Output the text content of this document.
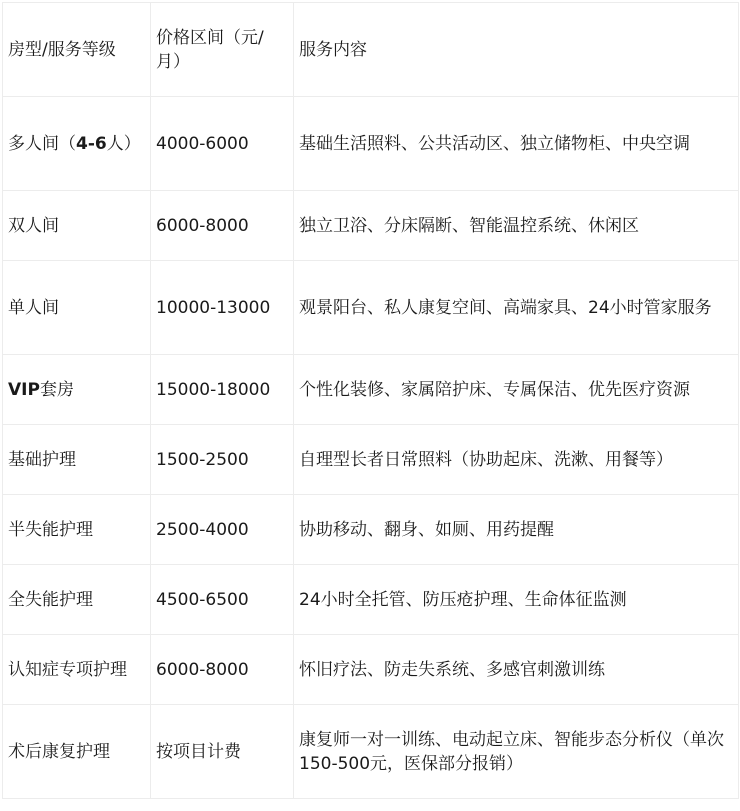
房型/服务等级	价格区间（元/月）	服务内容
多人间（4-6人）	4000-6000	基础生活照料、公共活动区、独立储物柜、中央空调
双人间	6000-8000	独立卫浴、分床隔断、智能温控系统、休闲区
单人间	10000-13000	观景阳台、私人康复空间、高端家具、24小时管家服务
VIP套房	15000-18000	个性化装修、家属陪护床、专属保洁、优先医疗资源
基础护理	1500-2500	自理型长者日常照料（协助起床、洗漱、用餐等）
半失能护理	2500-4000	协助移动、翻身、如厕、用药提醒
全失能护理	4500-6500	24小时全托管、防压疮护理、生命体征监测
认知症专项护理	6000-8000	怀旧疗法、防走失系统、多感官刺激训练
术后康复护理	按项目计费	康复师一对一训练、电动起立床、智能步态分析仪（单次150-500元，医保部分报销）
